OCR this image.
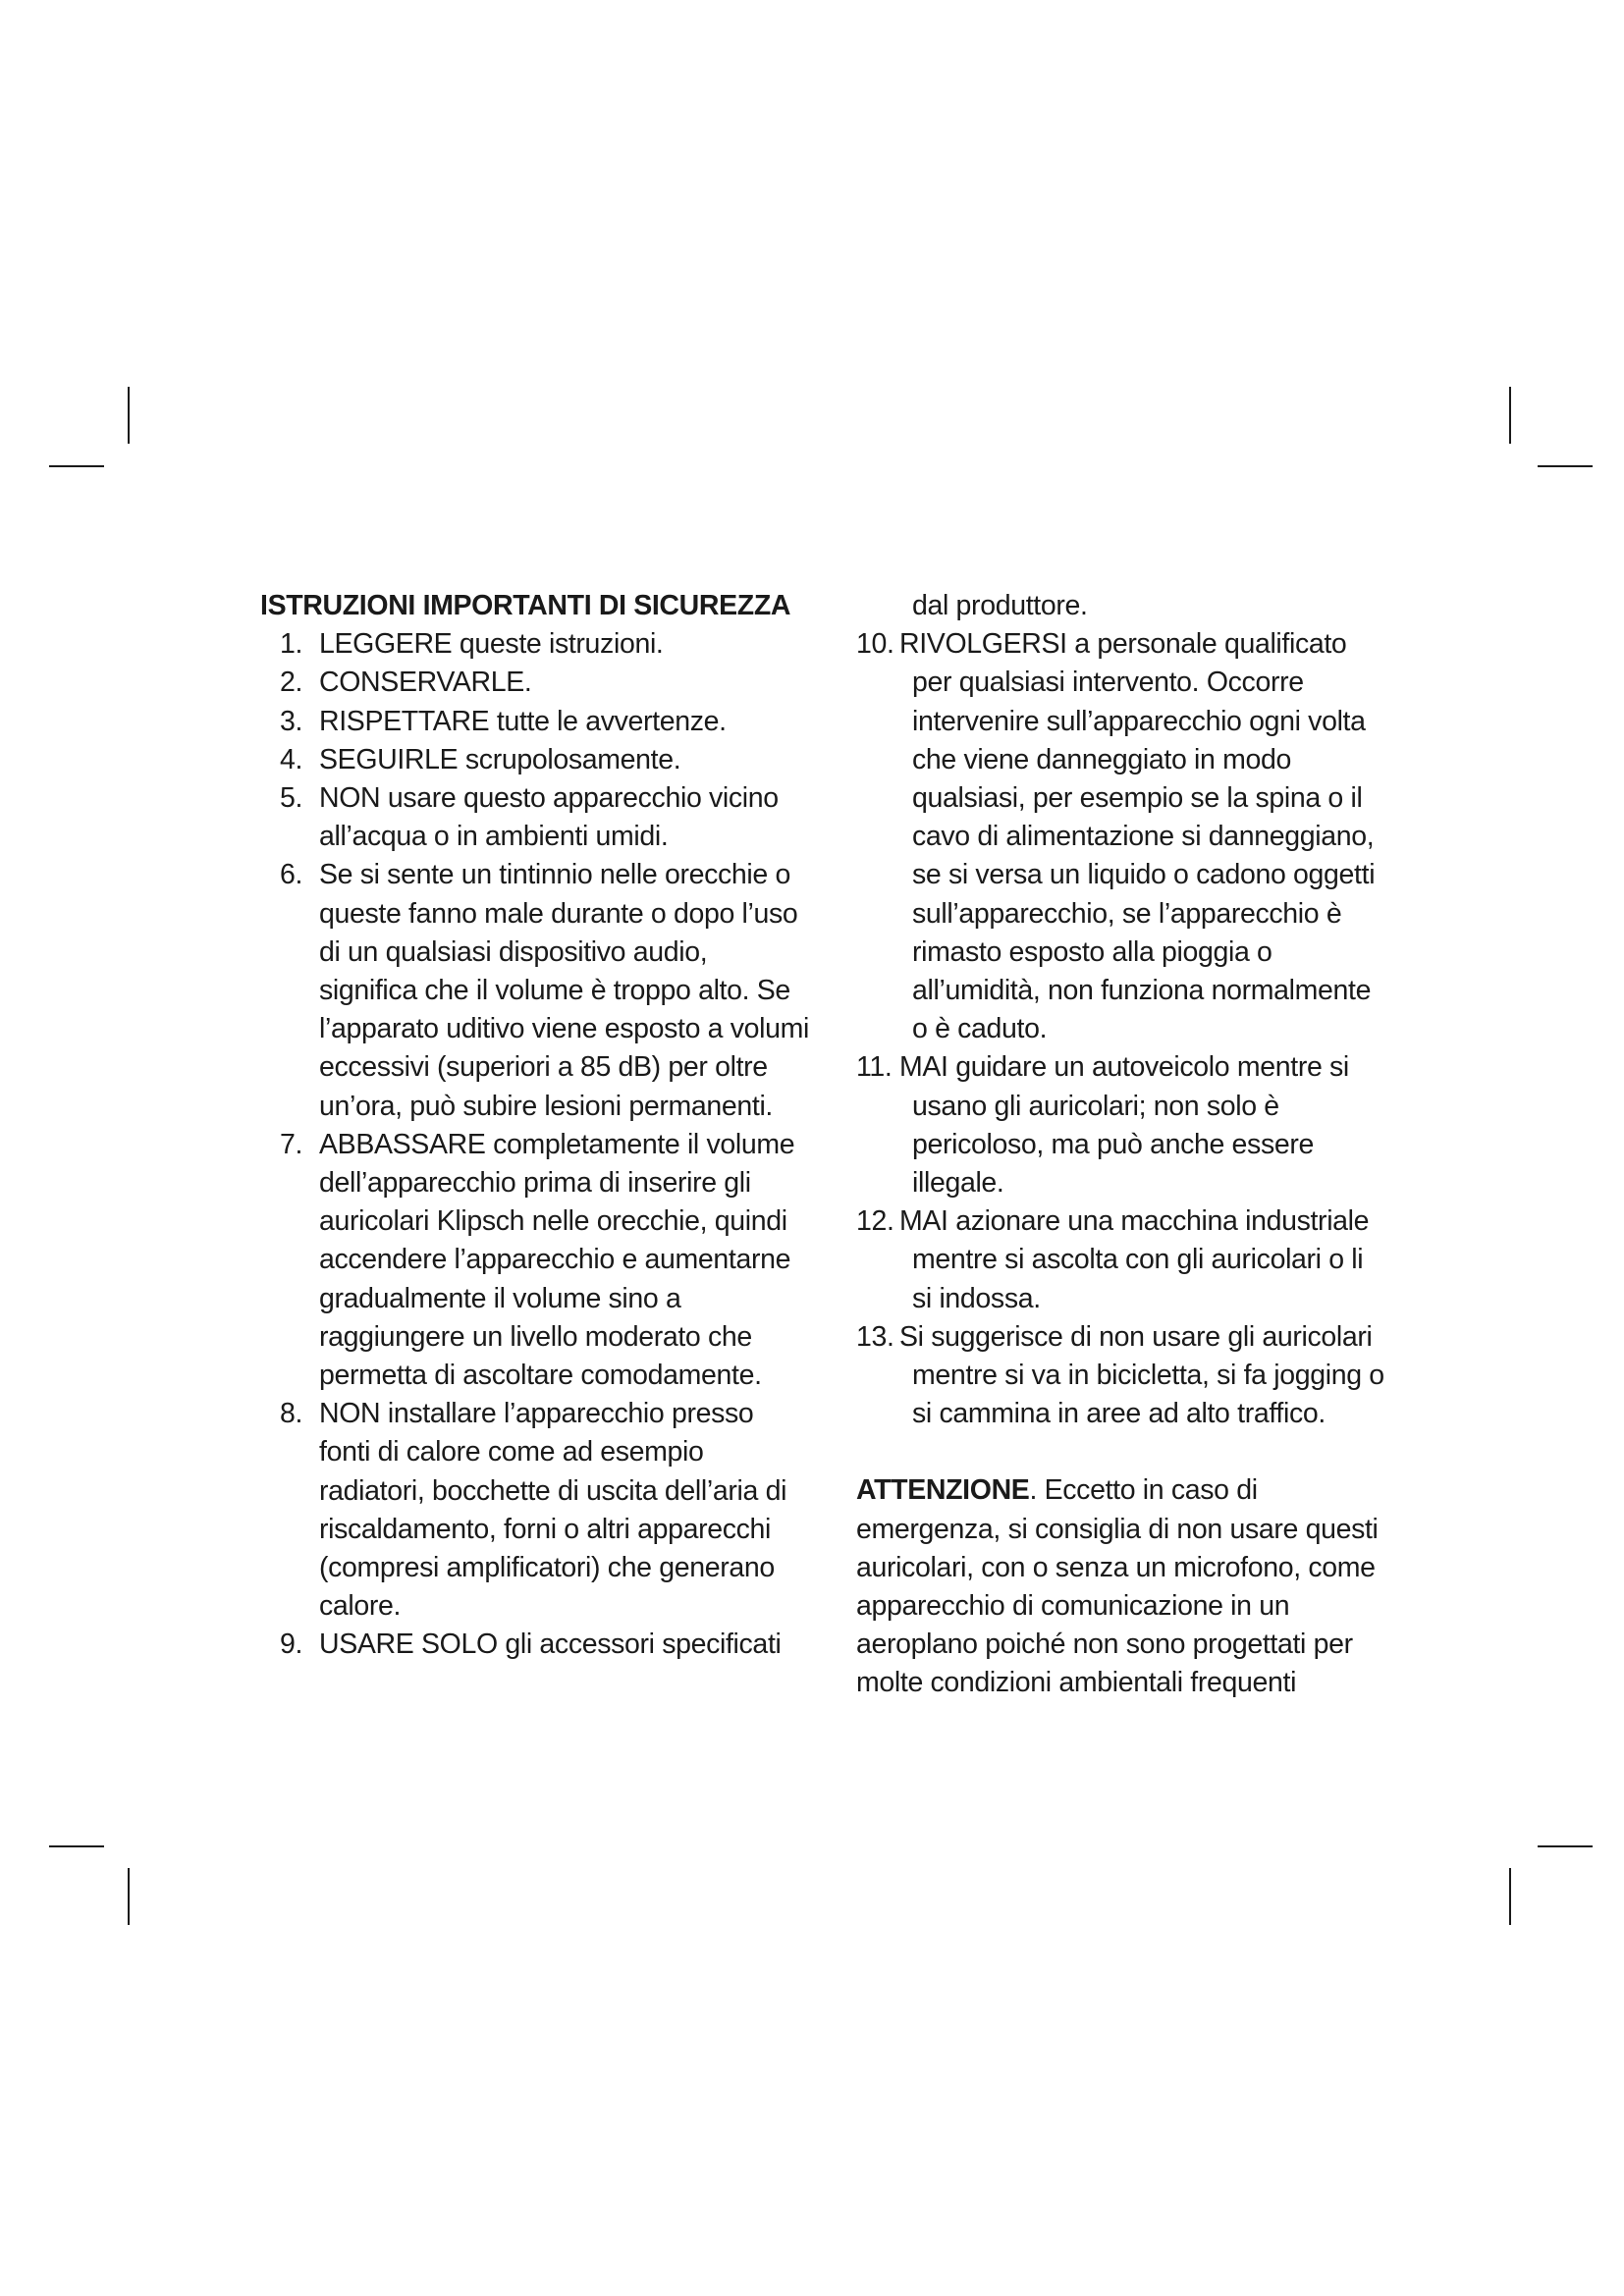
ISTRUZIONI IMPORTANTI DI SICUREZZA
1. LEGGERE queste istruzioni.
2. CONSERVARLE.
3. RISPETTARE tutte le avvertenze.
4. SEGUIRLE scrupolosamente.
5. NON usare questo apparecchio vicino all’acqua o in ambienti umidi.
6. Se si sente un tintinnio nelle orecchie o queste fanno male durante o dopo l’uso di un qualsiasi dispositivo audio, significa che il volume è troppo alto. Se l’apparato uditivo viene esposto a volumi eccessivi (superiori a 85 dB) per oltre un’ora, può subire lesioni permanenti.
7. ABBASSARE completamente il volume dell’apparecchio prima di inserire gli auricolari Klipsch nelle orecchie, quindi accendere l’apparecchio e aumentarne gradualmente il volume sino a raggiungere un livello moderato che permetta di ascoltare comodamente.
8. NON installare l’apparecchio presso fonti di calore come ad esempio radiatori, bocchette di uscita dell’aria di riscaldamento, forni o altri apparecchi (compresi amplificatori) che generano calore.
9. USARE SOLO gli accessori specificati

dal produttore.

10. RIVOLGERSI a personale qualificato per qualsiasi intervento. Occorre intervenire sull’apparecchio ogni volta che viene danneggiato in modo qualsiasi, per esempio se la spina o il cavo di alimentazione si danneggiano, se si versa un liquido o cadono oggetti sull’apparecchio, se l’apparecchio è rimasto esposto alla pioggia o all’umidità, non funziona normalmente o è caduto.
11. MAI guidare un autoveicolo mentre si usano gli auricolari; non solo è pericoloso, ma può anche essere illegale.
12. MAI azionare una macchina industriale mentre si ascolta con gli auricolari o li si indossa.
13. Si suggerisce di non usare gli auricolari mentre si va in bicicletta, si fa jogging o si cammina in aree ad alto traffico.

ATTENZIONE. Eccetto in caso di emergenza, si consiglia di non usare questi auricolari, con o senza un microfono, come apparecchio di comunicazione in un aeroplano poiché non sono progettati per molte condizioni ambientali frequenti
